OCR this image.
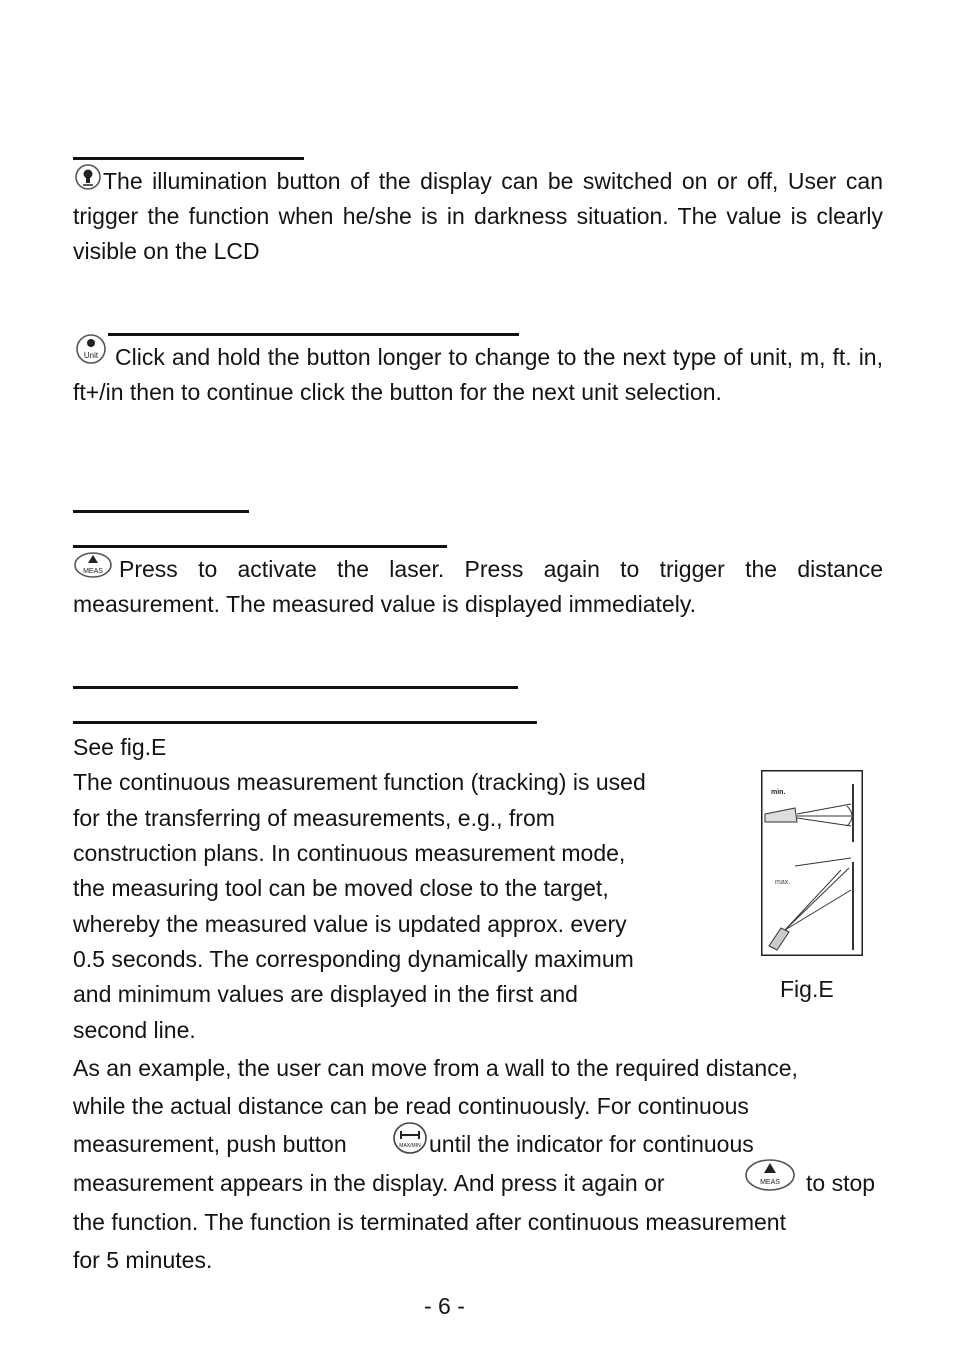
The illumination button of the display can be switched on or off, User can trigger the function when he/she is in darkness situation. The value is clearly visible on the LCD
Unit Click and hold the button longer to change to the next type of unit, m, ft. in, ft+/in then to continue click the button for the next unit selection.
MEAS Press to activate the laser. Press again to trigger the distance measurement. The measured value is displayed immediately.
See fig.E
The continuous measurement function (tracking) is used
for the transferring of measurements, e.g., from
construction plans. In continuous measurement mode,
the measuring tool can be moved close to the target,
whereby the measured value is updated approx. every
0.5 seconds. The corresponding dynamically maximum
and minimum values are displayed in the first and
second line.
min.
max.
Fig.E
As an example, the user can move from a wall to the required distance,
while the actual distance can be read continuously. For continuous
measurement, push button	MAX/MIN until the indicator for continuous
measurement appears in the display. And press it again or	MEAS to stop
the function. The function is terminated after continuous measurement
for 5 minutes.
- 6 -
